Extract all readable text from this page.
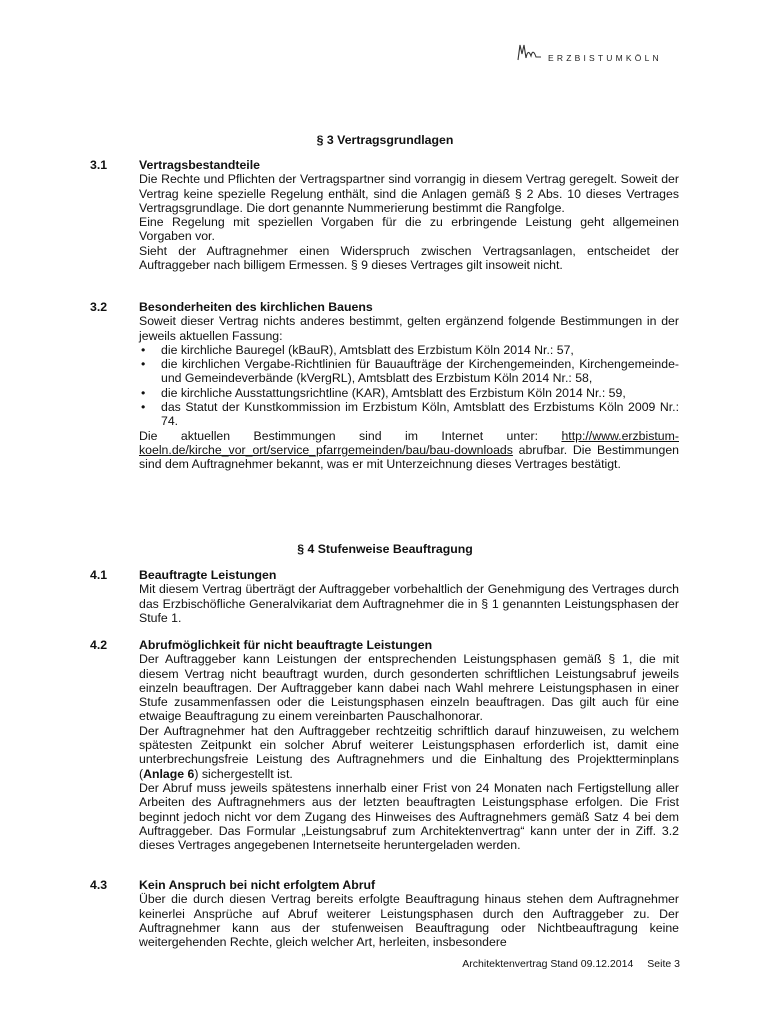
ERZBISTUMKÖLN
§ 3 Vertragsgrundlagen
3.1	Vertragsbestandteile

Die Rechte und Pflichten der Vertragspartner sind vorrangig in diesem Vertrag geregelt. Soweit der Vertrag keine spezielle Regelung enthält, sind die Anlagen gemäß § 2 Abs. 10 dieses Vertrages Vertragsgrundlage. Die dort genannte Nummerierung bestimmt die Rangfolge.

Eine Regelung mit speziellen Vorgaben für die zu erbringende Leistung geht allgemeinen Vorgaben vor.

Sieht der Auftragnehmer einen Widerspruch zwischen Vertragsanlagen, entscheidet der Auftraggeber nach billigem Ermessen. § 9 dieses Vertrages gilt insoweit nicht.

3.2	Besonderheiten des kirchlichen Bauens

Soweit dieser Vertrag nichts anderes bestimmt, gelten ergänzend folgende Bestimmungen in der jeweils aktuellen Fassung:

• die kirchliche Bauregel (kBauR), Amtsblatt des Erzbistum Köln 2014 Nr.: 57,
• die kirchlichen Vergabe-Richtlinien für Bauaufträge der Kirchengemeinden, Kirchengemeinde- und Gemeindeverbände (kVergRL), Amtsblatt des Erzbistum Köln 2014 Nr.: 58,
• die kirchliche Ausstattungsrichtline (KAR), Amtsblatt des Erzbistum Köln 2014 Nr.: 59,
• das Statut der Kunstkommission im Erzbistum Köln, Amtsblatt des Erzbistums Köln 2009 Nr.: 74.

Die aktuellen Bestimmungen sind im Internet unter: http://www.erzbistum-koeln.de/kirche_vor_ort/service_pfarrgemeinden/bau/bau-downloads abrufbar. Die Bestimmungen sind dem Auftragnehmer bekannt, was er mit Unterzeichnung dieses Vertrages bestätigt.

§ 4 Stufenweise Beauftragung
4.1	Beauftragte Leistungen

Mit diesem Vertrag überträgt der Auftraggeber vorbehaltlich der Genehmigung des Vertrages durch das Erzbischöfliche Generalvikariat dem Auftragnehmer die in § 1 genannten Leistungsphasen der Stufe 1.

4.2	Abrufmöglichkeit für nicht beauftragte Leistungen

Der Auftraggeber kann Leistungen der entsprechenden Leistungsphasen gemäß § 1, die mit diesem Vertrag nicht beauftragt wurden, durch gesonderten schriftlichen Leistungsabruf jeweils einzeln beauftragen. Der Auftraggeber kann dabei nach Wahl mehrere Leistungsphasen in einer Stufe zusammenfassen oder die Leistungsphasen einzeln beauftragen. Das gilt auch für eine etwaige Beauftragung zu einem vereinbarten Pauschalhonorar.

Der Auftragnehmer hat den Auftraggeber rechtzeitig schriftlich darauf hinzuweisen, zu welchem spätesten Zeitpunkt ein solcher Abruf weiterer Leistungsphasen erforderlich ist, damit eine unterbrechungsfreie Leistung des Auftragnehmers und die Einhaltung des Projektterminplans (Anlage 6) sichergestellt ist.

Der Abruf muss jeweils spätestens innerhalb einer Frist von 24 Monaten nach Fertigstellung aller Arbeiten des Auftragnehmers aus der letzten beauftragten Leistungsphase erfolgen. Die Frist beginnt jedoch nicht vor dem Zugang des Hinweises des Auftragnehmers gemäß Satz 4 bei dem Auftraggeber. Das Formular „Leistungsabruf zum Architektenvertrag“ kann unter der in Ziff. 3.2 dieses Vertrages angegebenen Internetseite heruntergeladen werden.

4.3	Kein Anspruch bei nicht erfolgtem Abruf

Über die durch diesen Vertrag bereits erfolgte Beauftragung hinaus stehen dem Auftragnehmer keinerlei Ansprüche auf Abruf weiterer Leistungsphasen durch den Auftraggeber zu. Der Auftragnehmer kann aus der stufenweisen Beauftragung oder Nichtbeauftragung keine weitergehenden Rechte, gleich welcher Art, herleiten, insbesondere

Architektenvertrag Stand 09.12.2014 Seite 3
